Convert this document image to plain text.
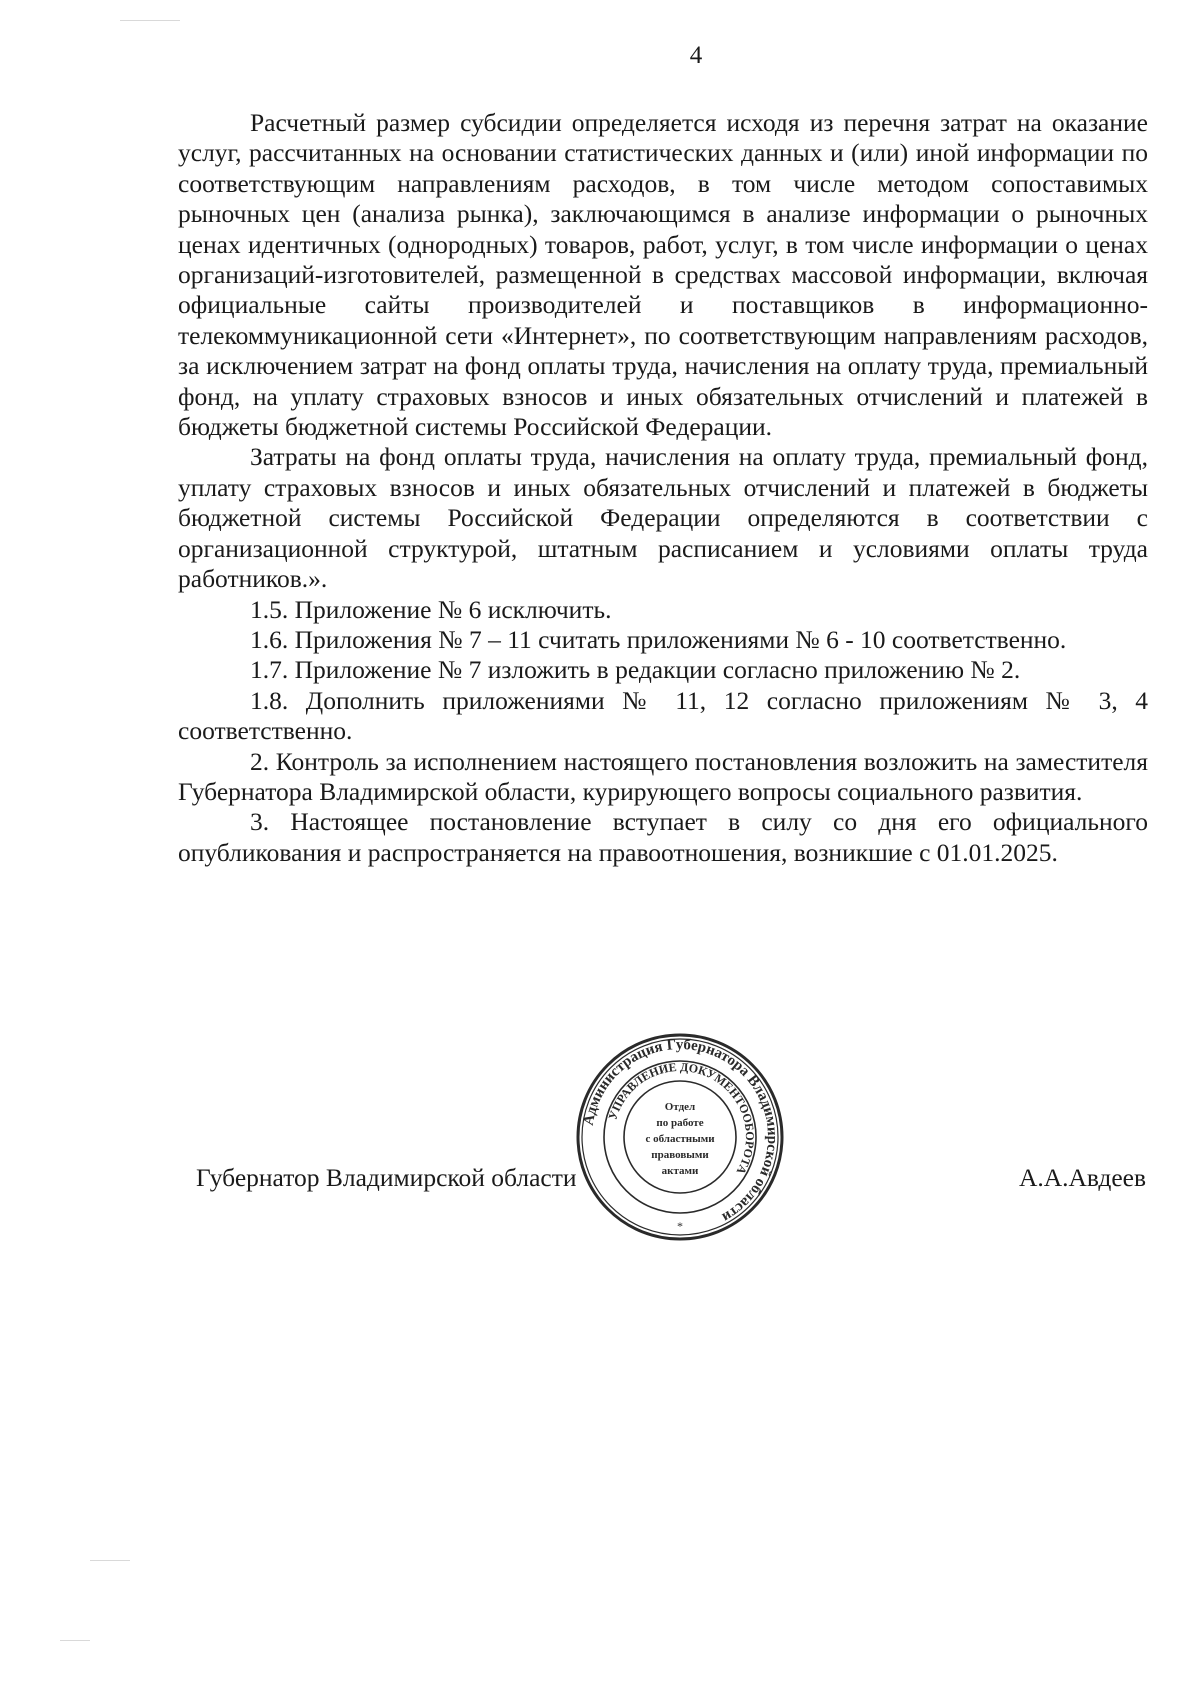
4

Расчетный размер субсидии определяется исходя из перечня затрат на оказание услуг, рассчитанных на основании статистических данных и (или) иной информации по соответствующим направлениям расходов, в том числе методом сопоставимых рыночных цен (анализа рынка), заключающимся в анализе информации о рыночных ценах идентичных (однородных) товаров, работ, услуг, в том числе информации о ценах организаций-изготовителей, размещенной в средствах массовой информации, включая официальные сайты производителей и поставщиков в информационно-телекоммуникационной сети «Интернет», по соответствующим направлениям расходов, за исключением затрат на фонд оплаты труда, начисления на оплату труда, премиальный фонд, на уплату страховых взносов и иных обязательных отчислений и платежей в бюджеты бюджетной системы Российской Федерации.

Затраты на фонд оплаты труда, начисления на оплату труда, премиальный фонд, уплату страховых взносов и иных обязательных отчислений и платежей в бюджеты бюджетной системы Российской Федерации определяются в соответствии с организационной структурой, штатным расписанием и условиями оплаты труда работников.».

1.5. Приложение № 6 исключить.

1.6. Приложения № 7 – 11 считать приложениями № 6 - 10 соответственно.

1.7. Приложение № 7 изложить в редакции согласно приложению № 2.

1.8. Дополнить приложениями № 11, 12 согласно приложениям № 3, 4 соответственно.

2. Контроль за исполнением настоящего постановления возложить на заместителя Губернатора Владимирской области, курирующего вопросы социального развития.

3. Настоящее постановление вступает в силу со дня его официального опубликования и распространяется на правоотношения, возникшие с 01.01.2025.

Губернатор Владимирской области	А.А.Авдеев
Администрация Губернатора Владимирской области
УПРАВЛЕНИЕ ДОКУМЕНТООБОРОТА
Отдел
по работе
с областными
правовыми
актами
*
